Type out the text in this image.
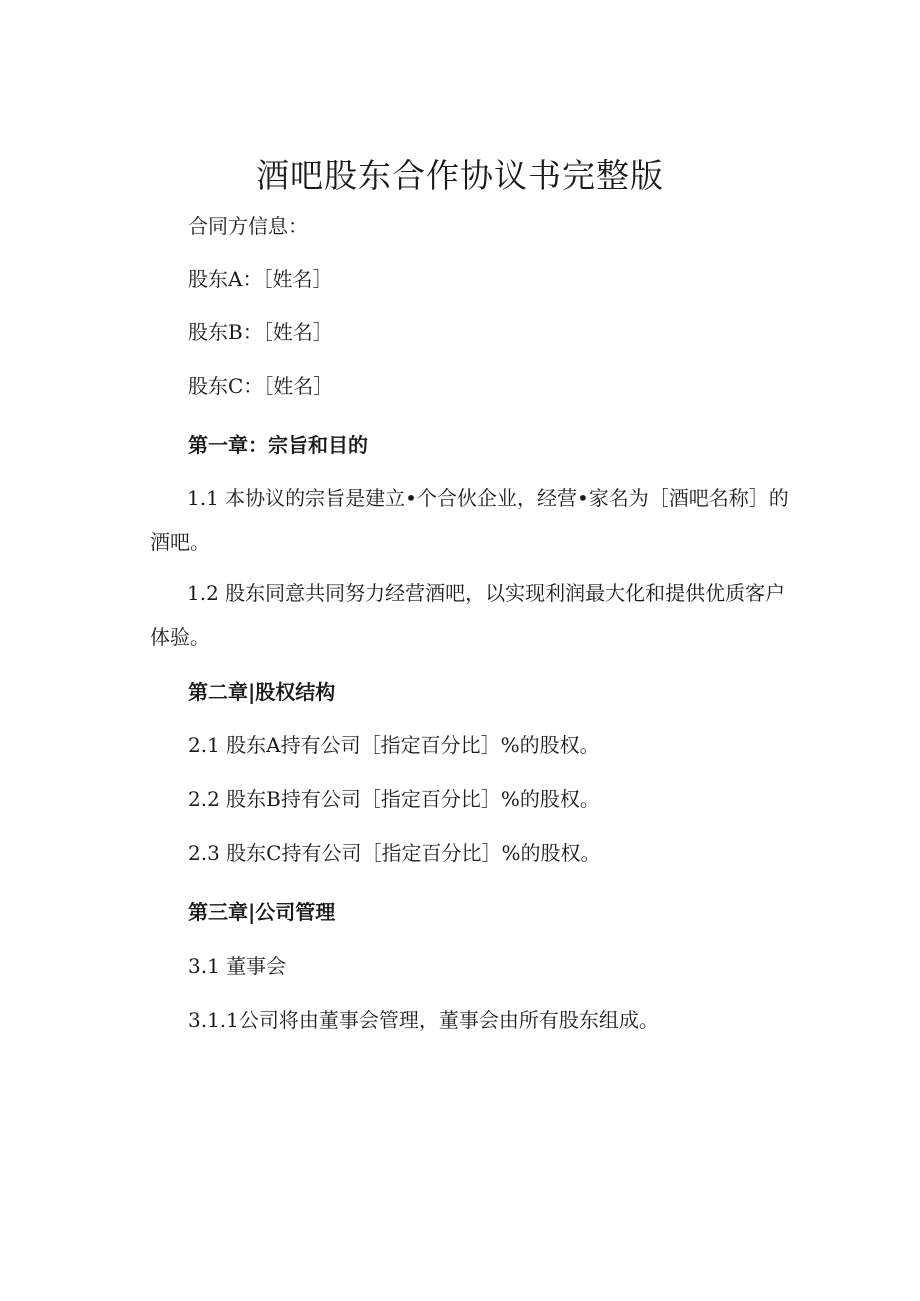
酒吧股东合作协议书完整版

合同方信息：

股东A：［姓名］

股东B：［姓名］

股东C：［姓名］

第一章：宗旨和目的

1.1 本协议的宗旨是建立•个合伙企业，经营•家名为［酒吧名称］的酒吧。

1.2 股东同意共同努力经营酒吧，以实现利润最大化和提供优质客户体验。

第二章|股权结构

2.1 股东A持有公司［指定百分比］%的股权。

2.2 股东B持有公司［指定百分比］%的股权。

2.3 股东C持有公司［指定百分比］%的股权。

第三章|公司管理

3.1 董事会

3.1.1公司将由董事会管理，董事会由所有股东组成。
